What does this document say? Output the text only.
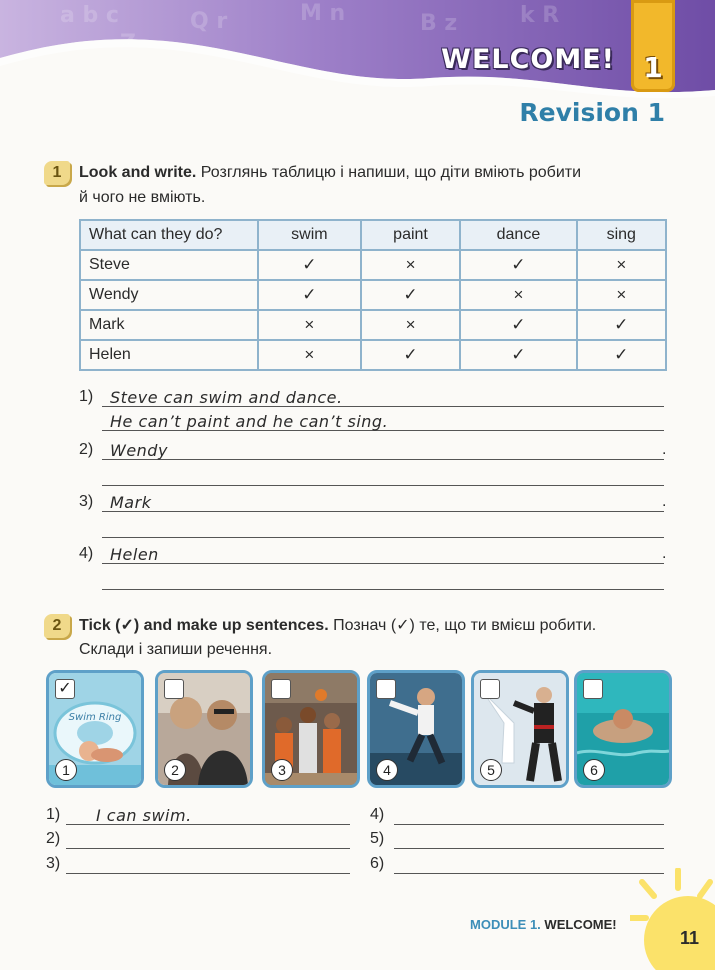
a b c	Q r	M n	B z	k R
Z
WELCOME!	1
Revision 1
1	Look and write. Розглянь таблицю і напиши, що діти вміють робити
й чого не вміють.
What can they do?	swim	paint	dance	sing
Steve	✓	×	✓	×
Wendy	✓	✓	×	×
Mark	×	×	✓	✓
Helen	×	✓	✓	✓
1) Steve can swim and dance.
He can’t paint and he can’t sing.
2) Wendy	.
3) Mark	.
4) Helen	.
2	Tick (✓) and make up sentences. Познач (✓) те, що ти вмієш робити.
Склади і запиши речення.
Swim Ring
✓
1	2	3	4	5	6
1) I can swim.
2)
3)
4)
5)
6)
MODULE 1. WELCOME!
11
